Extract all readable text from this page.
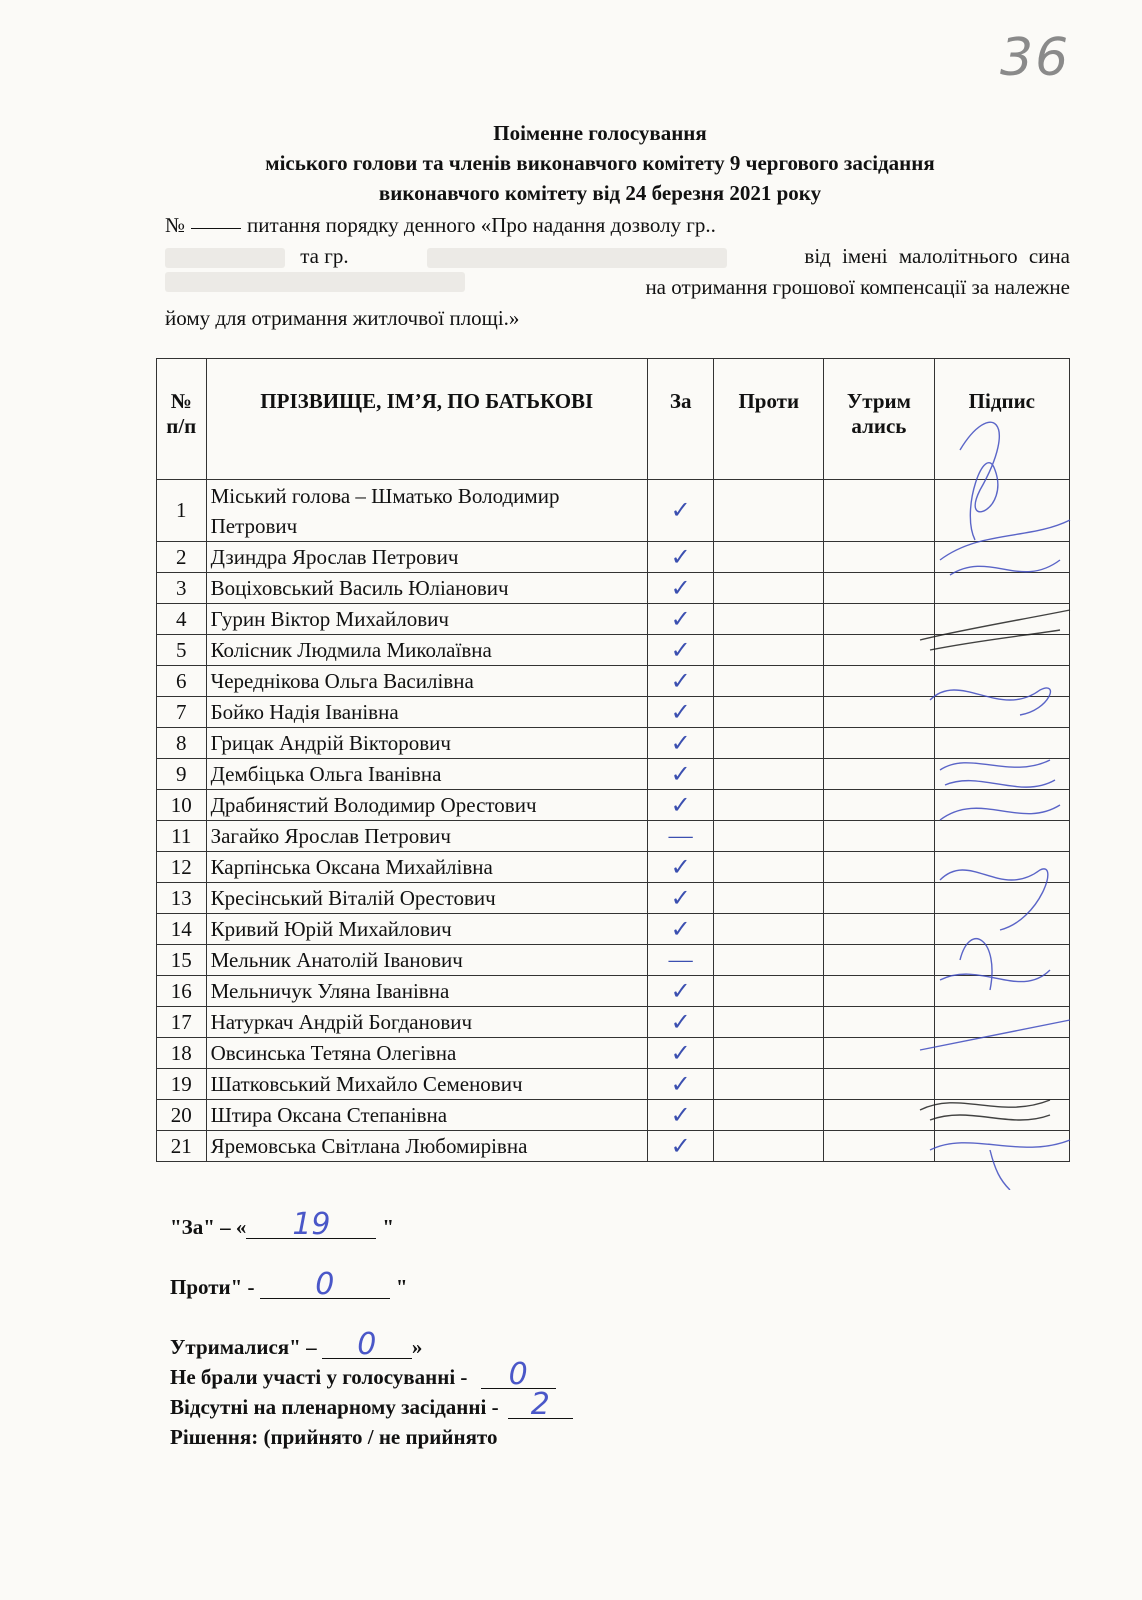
36
Поіменне голосування
міського голови та членів виконавчого комітету 9 чергового засідання
виконавчого комітету від 24 березня 2021 року
№	питання порядку денного «Про надання дозволу гр..
та гр.	від імені малолітнього сина
на отримання грошової компенсації за належне
йому для отримання житлочвої площі.»
№ п/п	ПРІЗВИЩЕ, ІМ’Я, ПО БАТЬКОВІ	За	Проти	Утрим ались	Підпис
1	Міський голова – Шматько Володимир Петрович	✓			
2	Дзиндра Ярослав Петрович	✓			
3	Воціховський Василь Юліанович	✓			
4	Гурин Віктор Михайлович	✓			
5	Колісник Людмила Миколаївна	✓			
6	Череднікова Ольга Василівна	✓			
7	Бойко Надія Іванівна	✓			
8	Грицак Андрій Вікторович	✓			
9	Дембіцька Ольга Іванівна	✓			
10	Драбинястий Володимир Орестович	✓			
11	Загайко Ярослав Петрович	—			
12	Карпінська Оксана Михайлівна	✓			
13	Кресінський Віталій Орестович	✓			
14	Кривий Юрій Михайлович	✓			
15	Мельник Анатолій Іванович	—			
16	Мельничук Уляна Іванівна	✓			
17	Натуркач Андрій Богданович	✓			
18	Овсинська Тетяна Олегівна	✓			
19	Шатковський Михайло Семенович	✓			
20	Штира Оксана Степанівна	✓			
21	Яремовська Світлана Любомирівна	✓			
"За" – « 19 "
Проти" - 0	"
Утрималися" – 0 »
Не брали участі у голосуванні - 0
Відсутні на пленарному засіданні - 2
Рішення: (прийнято / не прийнято
